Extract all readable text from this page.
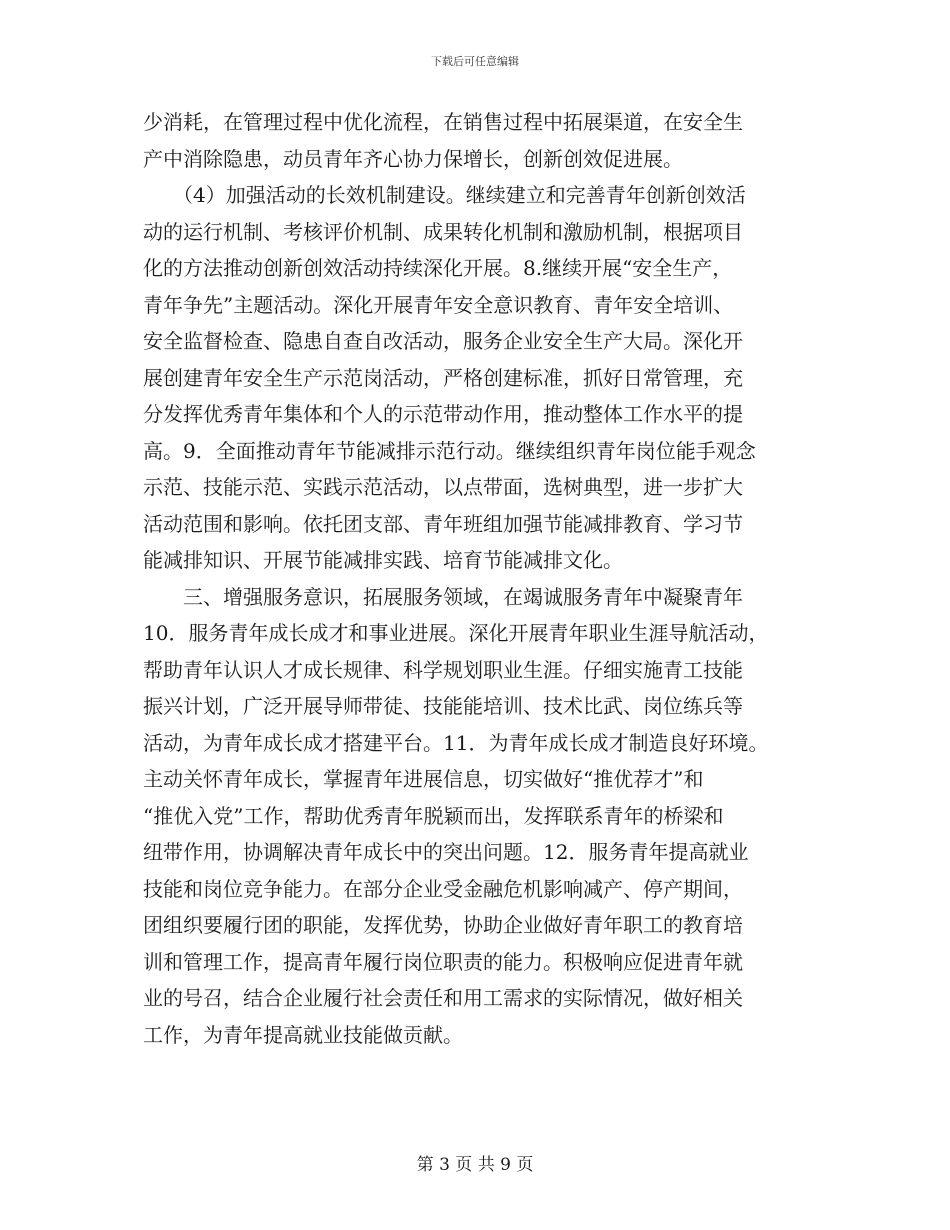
下载后可任意编辑
少消耗，在管理过程中优化流程，在销售过程中拓展渠道，在安全生
产中消除隐患，动员青年齐心协力保增长，创新创效促进展。
　　（4）加强活动的长效机制建设。继续建立和完善青年创新创效活
动的运行机制、考核评价机制、成果转化机制和激励机制，根据项目
化的方法推动创新创效活动持续深化开展。8.继续开展“安全生产，
青年争先”主题活动。深化开展青年安全意识教育、青年安全培训、
安全监督检查、隐患自查自改活动，服务企业安全生产大局。深化开
展创建青年安全生产示范岗活动，严格创建标准，抓好日常管理，充
分发挥优秀青年集体和个人的示范带动作用，推动整体工作水平的提
高。9．全面推动青年节能减排示范行动。继续组织青年岗位能手观念
示范、技能示范、实践示范活动，以点带面，选树典型，进一步扩大
活动范围和影响。依托团支部、青年班组加强节能减排教育、学习节
能减排知识、开展节能减排实践、培育节能减排文化。
　　三、增强服务意识，拓展服务领域，在竭诚服务青年中凝聚青年
10．服务青年成长成才和事业进展。深化开展青年职业生涯导航活动，
帮助青年认识人才成长规律、科学规划职业生涯。仔细实施青工技能
振兴计划，广泛开展导师带徒、技能能培训、技术比武、岗位练兵等
活动，为青年成长成才搭建平台。11．为青年成长成才制造良好环境。
主动关怀青年成长，掌握青年进展信息，切实做好“推优荐才”和
“推优入党”工作，帮助优秀青年脱颖而出，发挥联系青年的桥梁和
纽带作用，协调解决青年成长中的突出问题。12．服务青年提高就业
技能和岗位竞争能力。在部分企业受金融危机影响减产、停产期间，
团组织要履行团的职能，发挥优势，协助企业做好青年职工的教育培
训和管理工作，提高青年履行岗位职责的能力。积极响应促进青年就
业的号召，结合企业履行社会责任和用工需求的实际情况，做好相关
工作，为青年提高就业技能做贡献。
第 3 页 共 9 页
